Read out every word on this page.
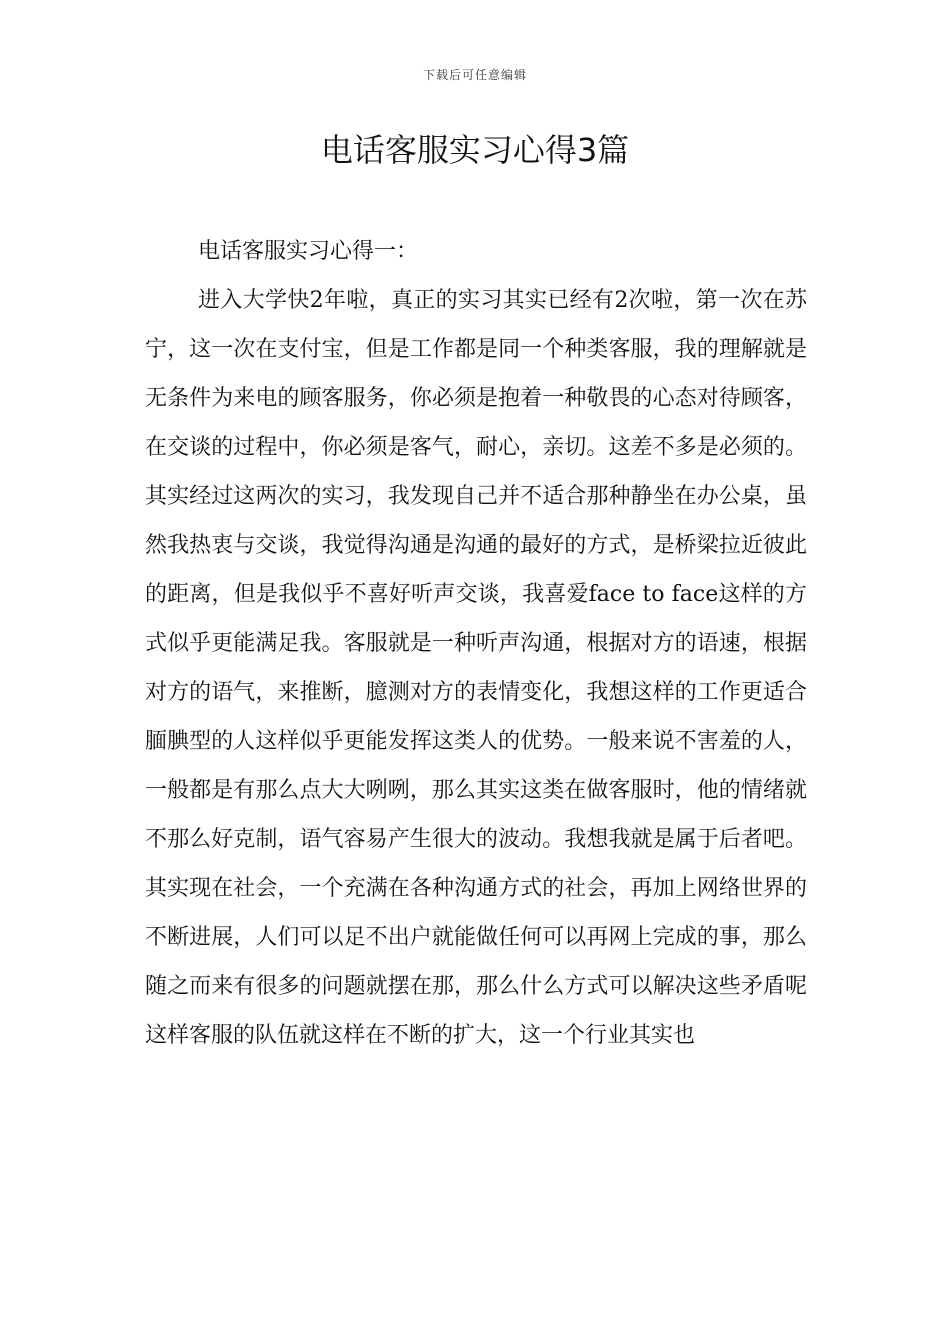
下载后可任意编辑
电话客服实习心得3篇

电话客服实习心得一：

进入大学快2年啦，真正的实习其实已经有2次啦，第一次在苏宁，这一次在支付宝，但是工作都是同一个种类客服，我的理解就是无条件为来电的顾客服务，你必须是抱着一种敬畏的心态对待顾客，在交谈的过程中，你必须是客气，耐心，亲切。这差不多是必须的。其实经过这两次的实习，我发现自己并不适合那种静坐在办公桌，虽然我热衷与交谈，我觉得沟通是沟通的最好的方式，是桥梁拉近彼此的距离，但是我似乎不喜好听声交谈，我喜爱face to face这样的方式似乎更能满足我。客服就是一种听声沟通，根据对方的语速，根据对方的语气，来推断，臆测对方的表情变化，我想这样的工作更适合腼腆型的人这样似乎更能发挥这类人的优势。一般来说不害羞的人，一般都是有那么点大大咧咧，那么其实这类在做客服时，他的情绪就不那么好克制，语气容易产生很大的波动。我想我就是属于后者吧。其实现在社会，一个充满在各种沟通方式的社会，再加上网络世界的不断进展，人们可以足不出户就能做任何可以再网上完成的事，那么随之而来有很多的问题就摆在那，那么什么方式可以解决这些矛盾呢这样客服的队伍就这样在不断的扩大，这一个行业其实也
